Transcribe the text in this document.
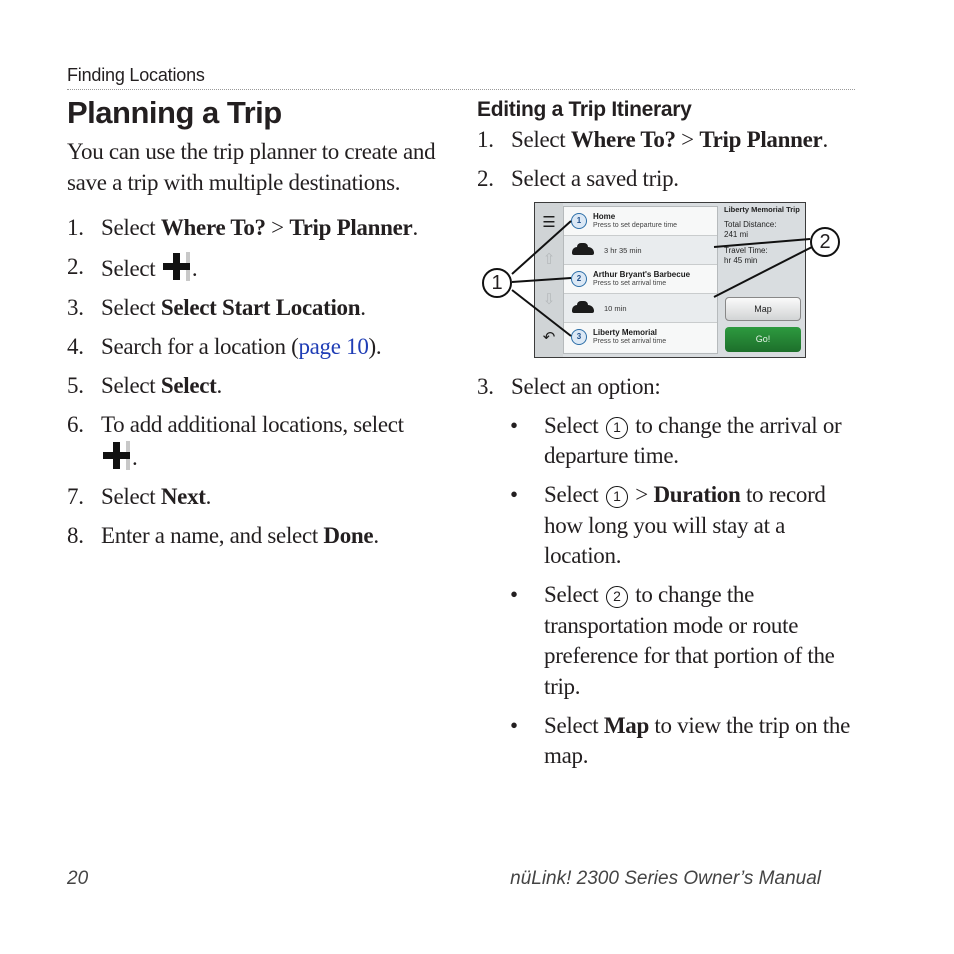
Finding Locations
Planning a Trip

You can use the trip planner to create and save a trip with multiple destinations.

1. Select Where To? > Trip Planner.
2. Select
.
3. Select Select Start Location.
4. Search for a location (page 10).
5. Select Select.
6. To add additional locations, select

.
7. Select Next.
8. Enter a name, and select Done.
Editing a Trip Itinerary
1. Select Where To? > Trip Planner.
2. Select a saved trip.
☰
⇧
⇩
↶
1	Home
Press to set departure time
3 hr 35 min
2	Arthur Bryant's Barbecue
Press to set arrival time
10 min
3	Liberty Memorial
Press to set arrival time
Liberty Memorial Trip
Total Distance:
241 mi
Travel Time:
hr 45 min
Map
Go!
1
2
3. Select an option:
• Select 1 to change the arrival or departure time.
• Select 1 > Duration to record how long you will stay at a location.
• Select 2 to change the transportation mode or route preference for that portion of the trip.
• Select Map to view the trip on the map.
20	nüLink! 2300 Series Owner’s Manual
